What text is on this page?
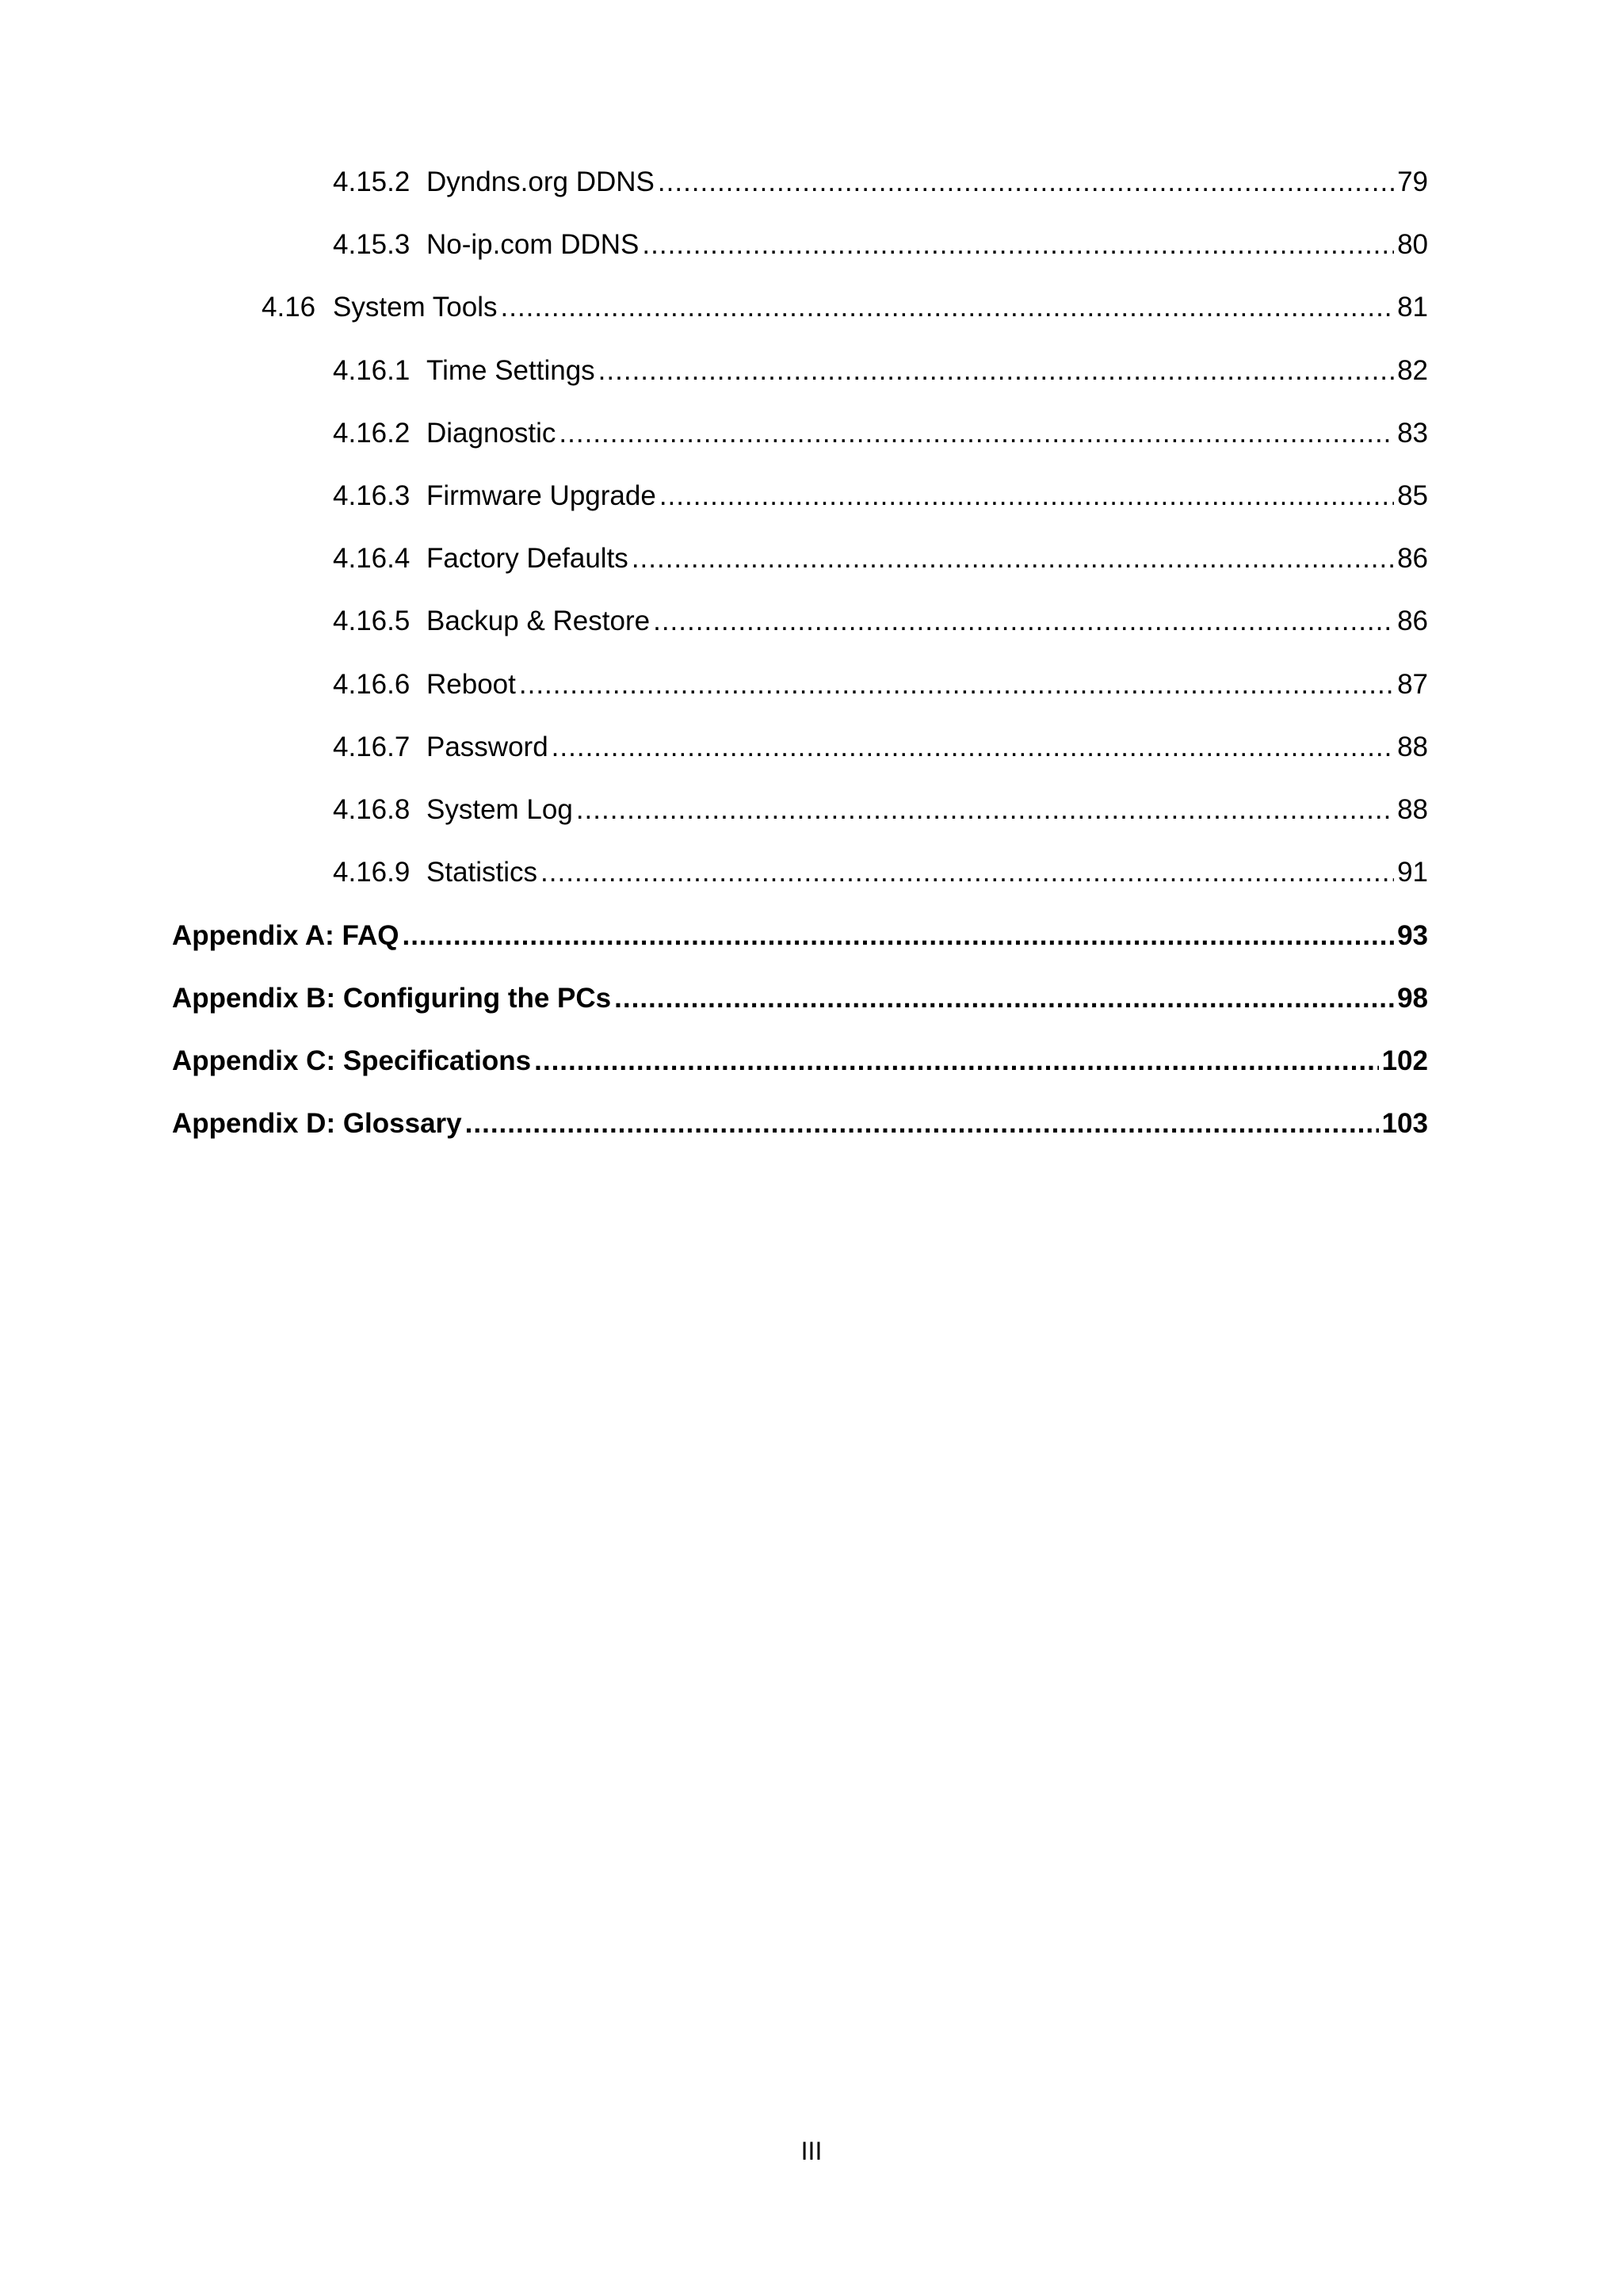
4.15.2 Dyndns.org DDNS .....	79
4.15.3 No-ip.com DDNS .....	80
4.16 System Tools .....	81
4.16.1 Time Settings .....	82
4.16.2 Diagnostic .....	83
4.16.3 Firmware Upgrade .....	85
4.16.4 Factory Defaults .....	86
4.16.5 Backup & Restore .....	86
4.16.6 Reboot .....	87
4.16.7 Password .....	88
4.16.8 System Log .....	88
4.16.9 Statistics .....	91
Appendix A: FAQ .....	93
Appendix B: Configuring the PCs .....	98
Appendix C: Specifications .....	102
Appendix D: Glossary .....	103
III
